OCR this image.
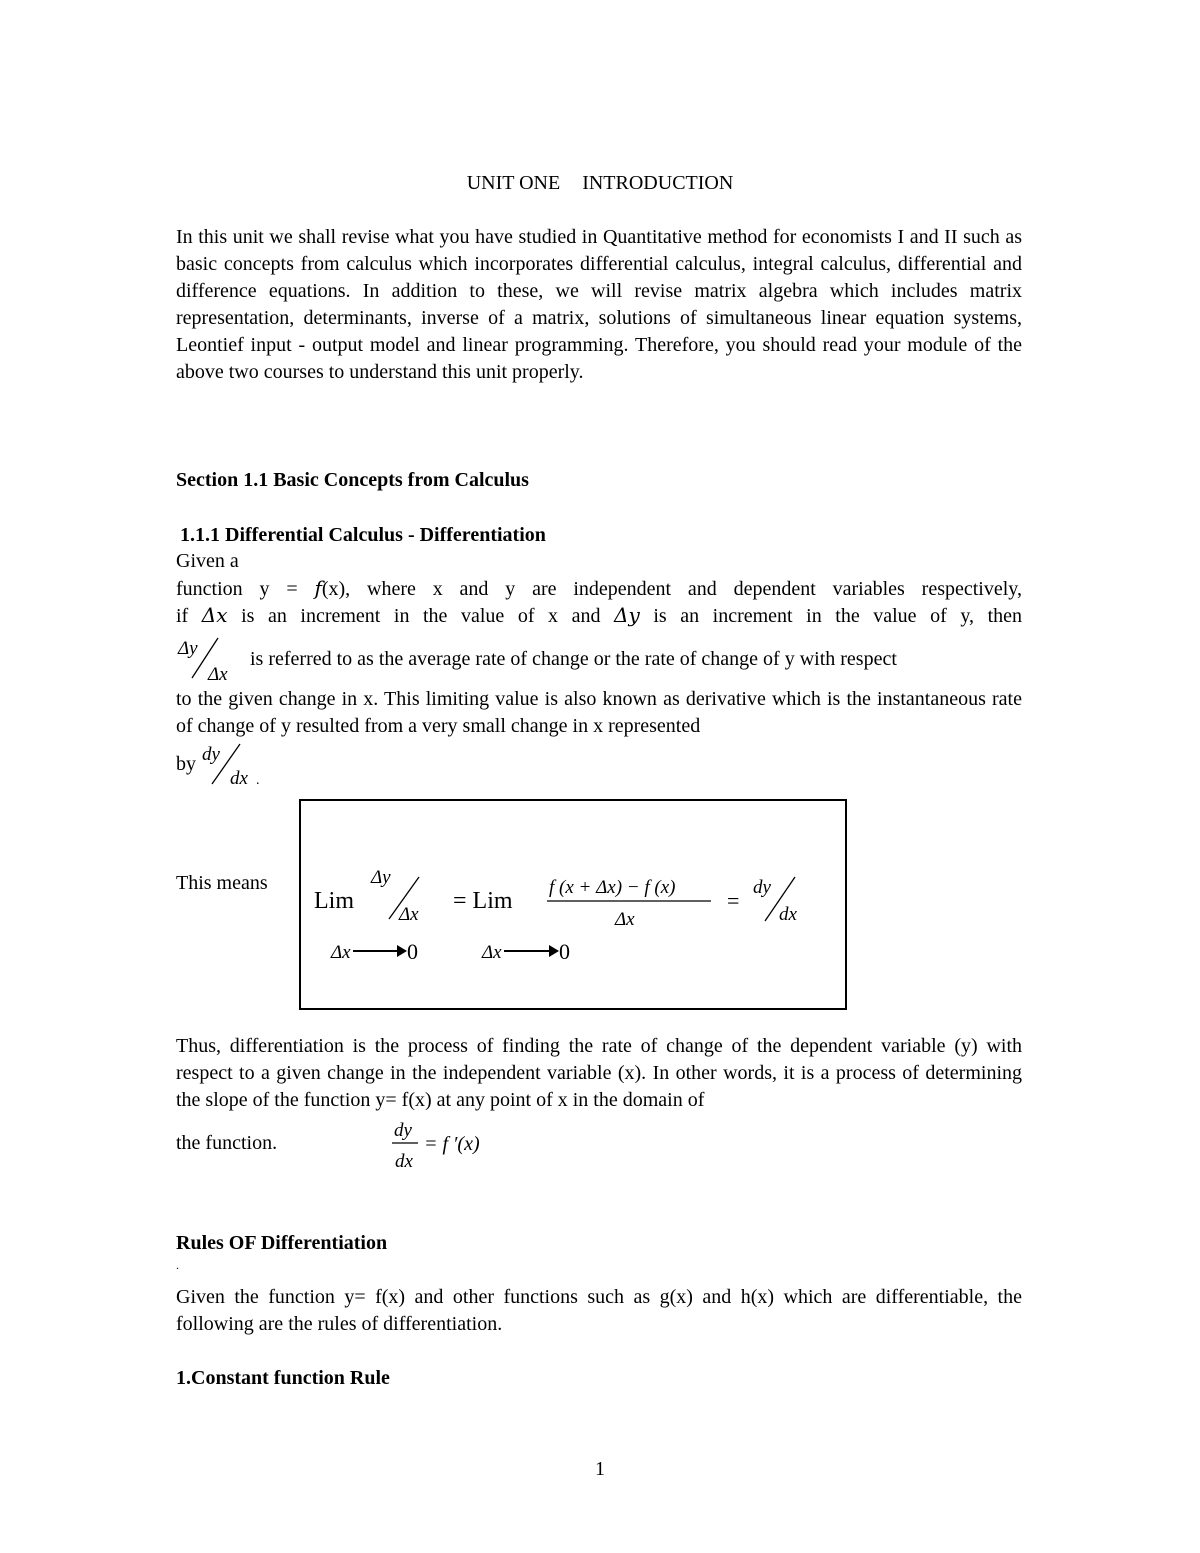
UNIT ONE INTRODUCTION
In this unit we shall revise what you have studied in Quantitative method for economists I and II such as basic concepts from calculus which incorporates differential calculus, integral calculus, differential and difference equations. In addition to these, we will revise matrix algebra which includes matrix representation, determinants, inverse of a matrix, solutions of simultaneous linear equation systems, Leontief input - output model and linear programming. Therefore, you should read your module of the above two courses to understand this unit properly.
Section 1.1 Basic Concepts from Calculus
1.1.1 Differential Calculus - Differentiation
Given a
function y = f(x), where x and y are independent and dependent variables respectively,
if Δx is an increment in the value of x and Δy is an increment in the value of y, then
Δy
Δx
is referred to as the average rate of change or the rate of change of y with respect
to the given change in x. This limiting value is also known as derivative which is the instantaneous rate of change of y resulted from a very small change in x represented
by dy
dx .
This means
Lim
Δy
Δx
Δx	0
= Lim
Δx	0
f (x + Δx) − f (x)
Δx
=
dy
dx
Thus, differentiation is the process of finding the rate of change of the dependent variable (y) with respect to a given change in the independent variable (x). In other words, it is a process of determining the slope of the function y= f(x) at any point of x in the domain of
the function.
dy
dx
= f ′(x)
Rules OF Differentiation
.
Given the function y= f(x) and other functions such as g(x) and h(x) which are differentiable, the following are the rules of differentiation.
1.Constant function Rule
1
